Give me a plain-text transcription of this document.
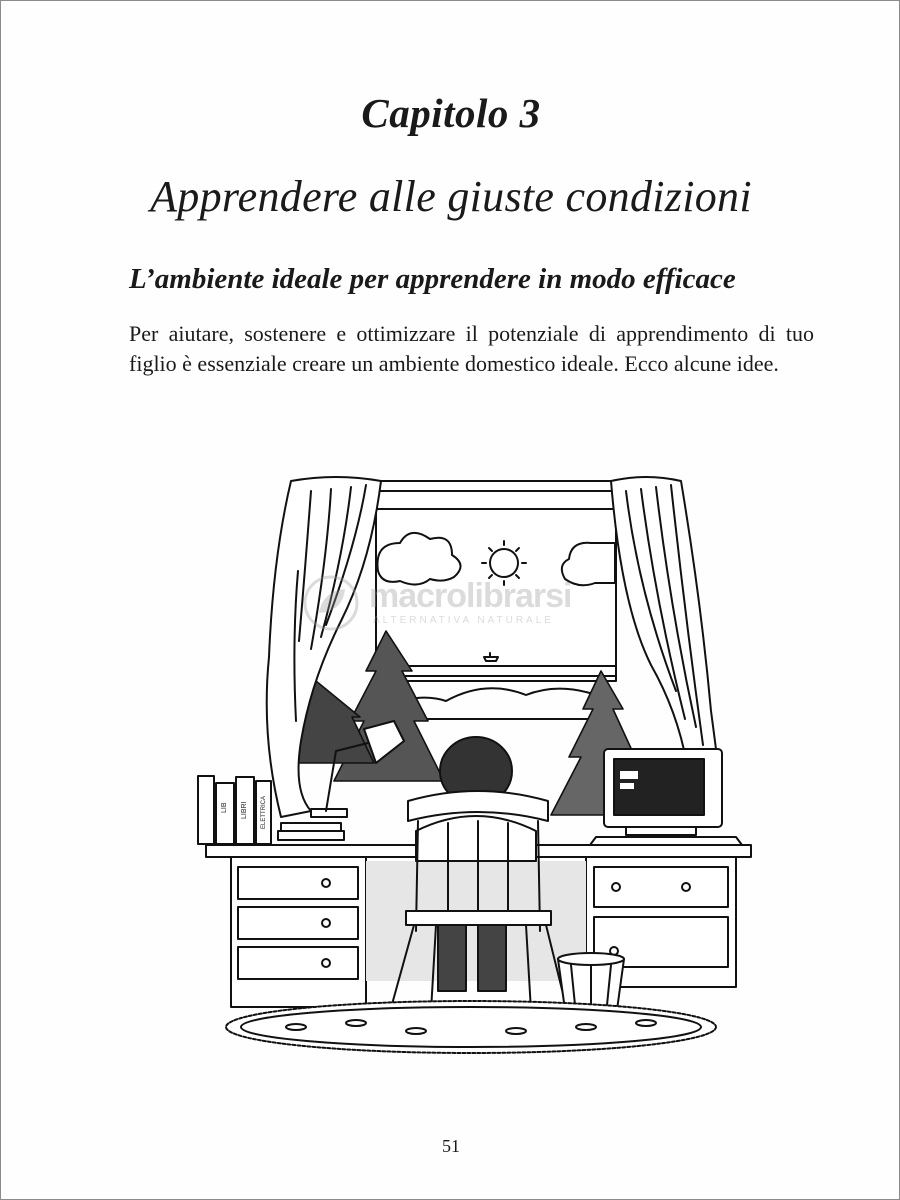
Capitolo 3
Apprendere alle giuste condizioni
L’ambiente ideale per apprendere in modo efficace
Per aiutare, sostenere e ottimizzare il potenziale di apprendimento di tuo figlio è essenziale creare un ambiente domestico ideale. Ecco alcune idee.
LIB LIBRI ELETTRICA
macrolibrarsi
ALTERNATIVA NATURALE
51
